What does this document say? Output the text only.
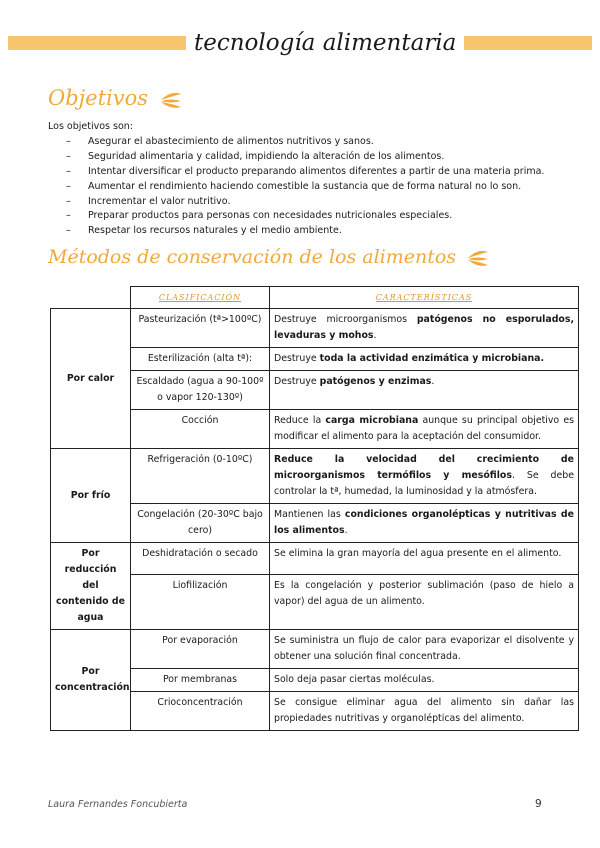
tecnología alimentaria
Objetivos
Los objetivos son:
– Asegurar el abastecimiento de alimentos nutritivos y sanos.
– Seguridad alimentaria y calidad, impidiendo la alteración de los alimentos.
– Intentar diversificar el producto preparando alimentos diferentes a partir de una materia prima.
– Aumentar el rendimiento haciendo comestible la sustancia que de forma natural no lo son.
– Incrementar el valor nutritivo.
– Preparar productos para personas con necesidades nutricionales especiales.
– Respetar los recursos naturales y el medio ambiente.
Métodos de conservación de los alimentos
	CLASIFICACIÓN	CARACTERÍSTICAS
Por calor	Pasteurización (tª>100ºC)	Destruye microorganismos patógenos no esporulados, levaduras y mohos.
	Esterilización (alta tª):	Destruye toda la actividad enzimática y microbiana.
	Escaldado (agua a 90-100º o vapor 120-130º)	Destruye patógenos y enzimas.
	Cocción	Reduce la carga microbiana aunque su principal objetivo es modificar el alimento para la aceptación del consumidor.
Por frío	Refrigeración (0-10ºC)	Reduce la velocidad del crecimiento de microorganismos termófilos y mesófilos. Se debe controlar la tª, humedad, la luminosidad y la atmósfera.
	Congelación (20-30ºC bajo cero)	Mantienen las condiciones organolépticas y nutritivas de los alimentos.
Por reducción del contenido de agua	Deshidratación o secado	Se elimina la gran mayoría del agua presente en el alimento.
	Liofilización	Es la congelación y posterior sublimación (paso de hielo a vapor) del agua de un alimento.
Por concentración	Por evaporación	Se suministra un flujo de calor para evaporizar el disolvente y obtener una solución final concentrada.
	Por membranas	Solo deja pasar ciertas moléculas.
	Crioconcentración	Se consigue eliminar agua del alimento sin dañar las propiedades nutritivas y organolépticas del alimento.
Laura Fernandes Foncubierta	9
